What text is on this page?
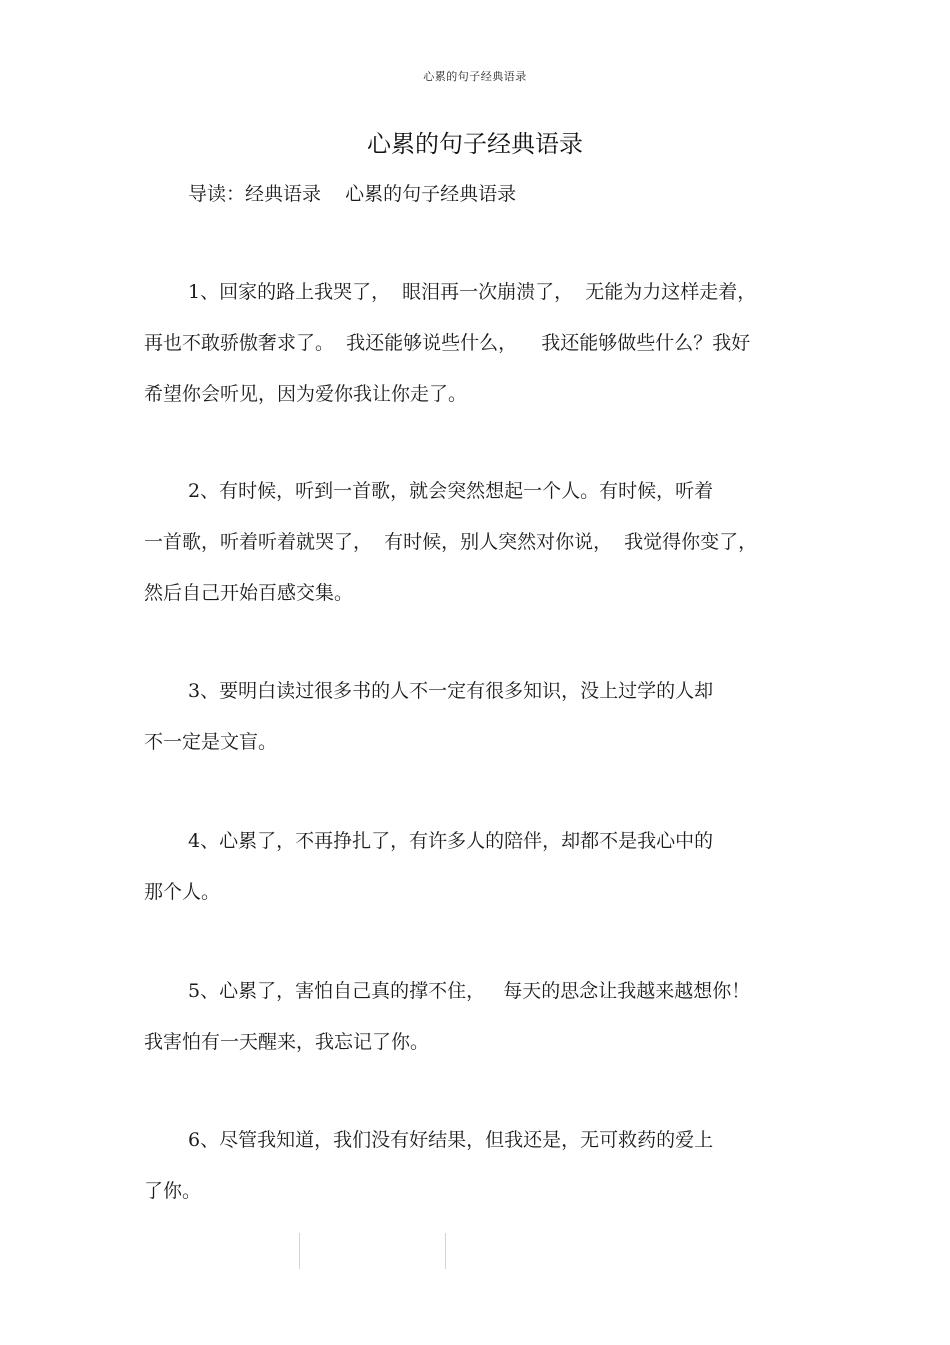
心累的句子经典语录
心累的句子经典语录
导读：经典语录    心累的句子经典语录
1、回家的路上我哭了，  眼泪再一次崩溃了，  无能为力这样走着，
再也不敢骄傲奢求了。  我还能够说些什么，    我还能够做些什么？我好
希望你会听见，因为爱你我让你走了。
2、有时候，听到一首歌，就会突然想起一个人。有时候，听着
一首歌，听着听着就哭了，  有时候，别人突然对你说，  我觉得你变了，
然后自己开始百感交集。
3、要明白读过很多书的人不一定有很多知识，没上过学的人却
不一定是文盲。
4、心累了，不再挣扎了，有许多人的陪伴，却都不是我心中的
那个人。
5、心累了，害怕自己真的撑不住，   每天的思念让我越来越想你！
我害怕有一天醒来，我忘记了你。
6、尽管我知道，我们没有好结果，但我还是，无可救药的爱上
了你。
